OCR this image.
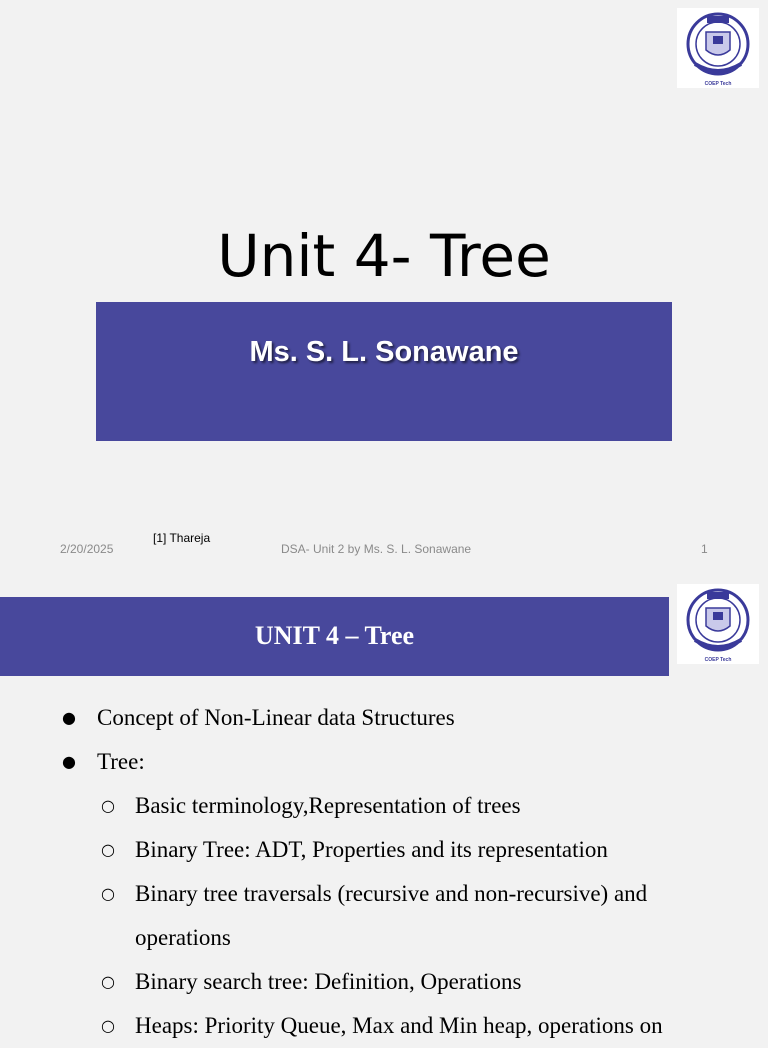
COEP Tech
Unit 4- Tree
Ms. S. L. Sonawane
[1] Thareja
2/20/2025	DSA- Unit 2 by Ms. S. L. Sonawane	1
UNIT 4 – Tree
COEP Tech
● Concept of Non-Linear data Structures
● Tree:
○ Basic terminology,Representation of trees
○ Binary Tree: ADT, Properties and its representation
○ Binary tree traversals (recursive and non-recursive) and operations
○ Binary search tree: Definition, Operations
○ Heaps: Priority Queue, Max and Min heap, operations on
